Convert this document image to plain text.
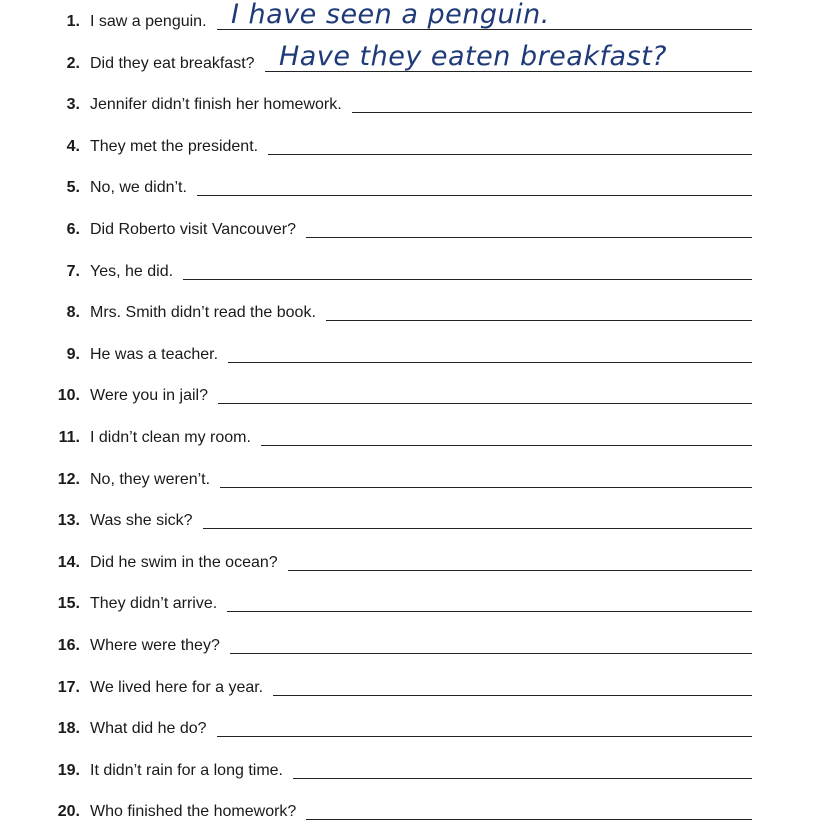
1. I saw a penguin. I have seen a penguin.
2. Did they eat breakfast? Have they eaten breakfast?
3. Jennifer didn’t finish her homework.
4. They met the president.
5. No, we didn’t.
6. Did Roberto visit Vancouver?
7. Yes, he did.
8. Mrs. Smith didn’t read the book.
9. He was a teacher.
10. Were you in jail?
11. I didn’t clean my room.
12. No, they weren’t.
13. Was she sick?
14. Did he swim in the ocean?
15. They didn’t arrive.
16. Where were they?
17. We lived here for a year.
18. What did he do?
19. It didn’t rain for a long time.
20. Who finished the homework?
